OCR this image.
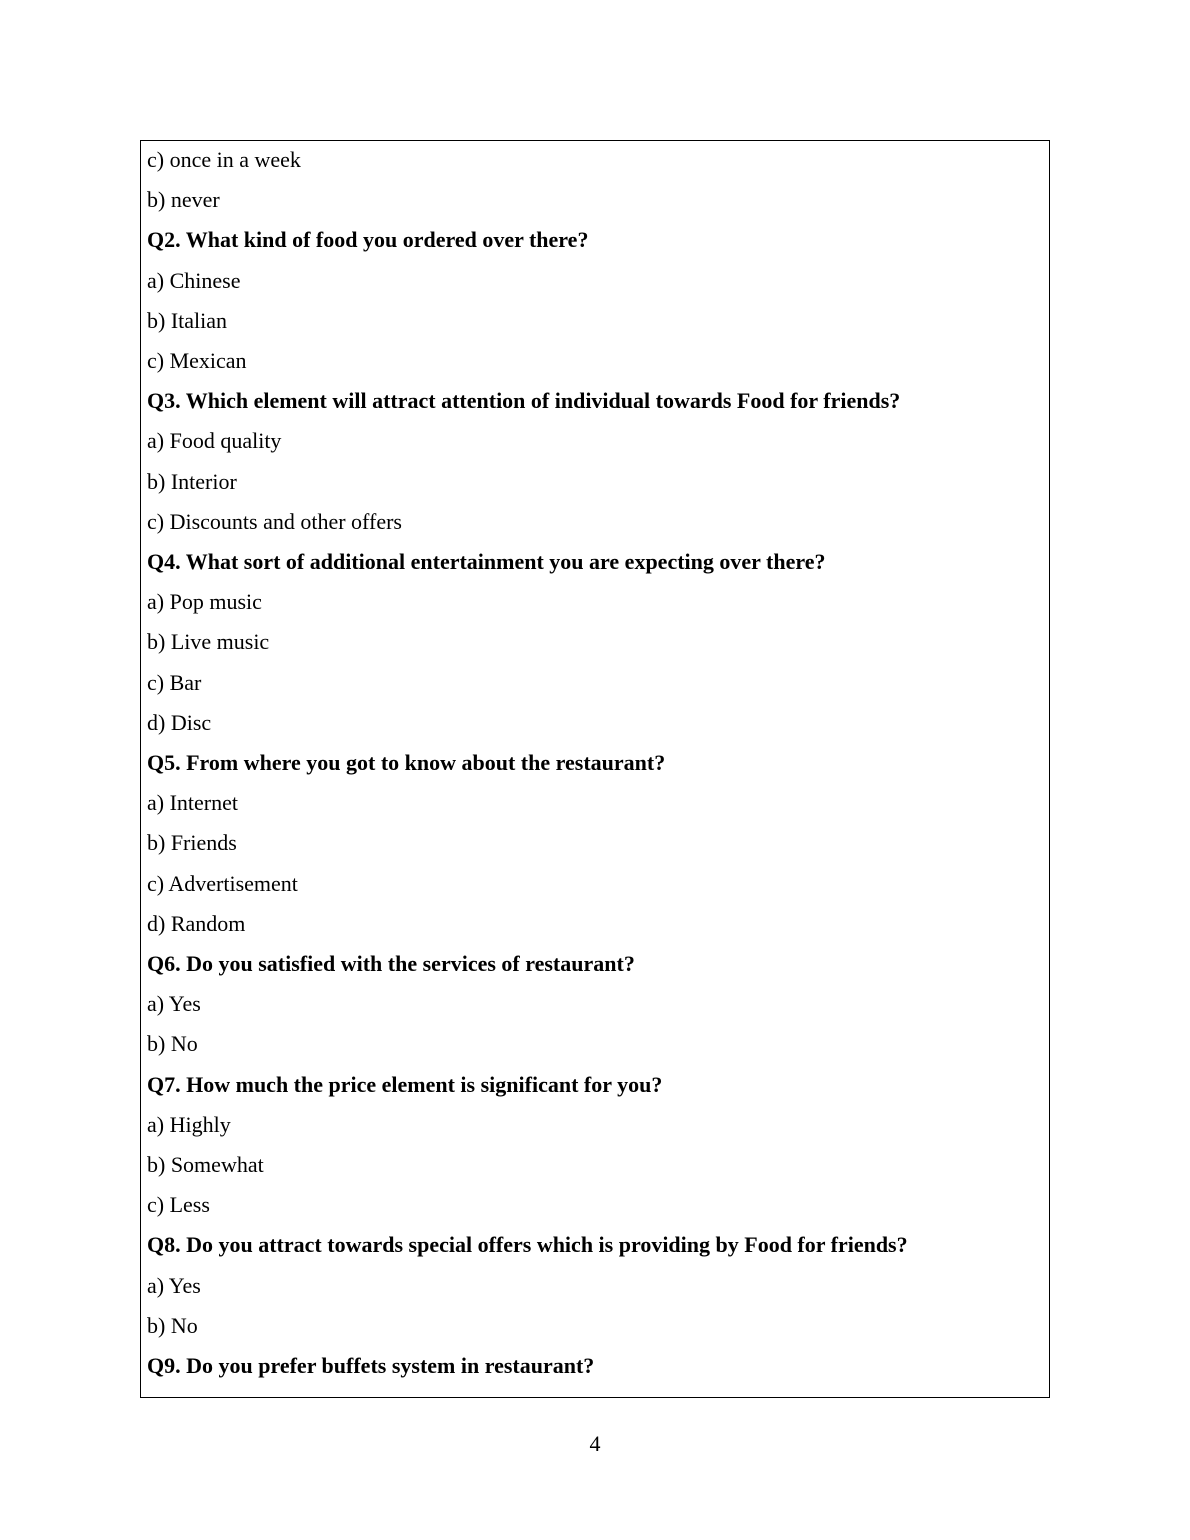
c) once in a week
b) never
Q2. What kind of food you ordered over there?
a) Chinese
b) Italian
c) Mexican
Q3. Which element will attract attention of individual towards Food for friends?
a) Food quality
b) Interior
c) Discounts and other offers
Q4. What sort of additional entertainment you are expecting over there?
a) Pop music
b) Live music
c) Bar
d) Disc
Q5. From where you got to know about the restaurant?
a) Internet
b) Friends
c) Advertisement
d) Random
Q6. Do you satisfied with the services of restaurant?
a) Yes
b) No
Q7. How much the price element is significant for you?
a) Highly
b) Somewhat
c) Less
Q8. Do you attract towards special offers which is providing by Food for friends?
a) Yes
b) No
Q9. Do you prefer buffets system in restaurant?
4
